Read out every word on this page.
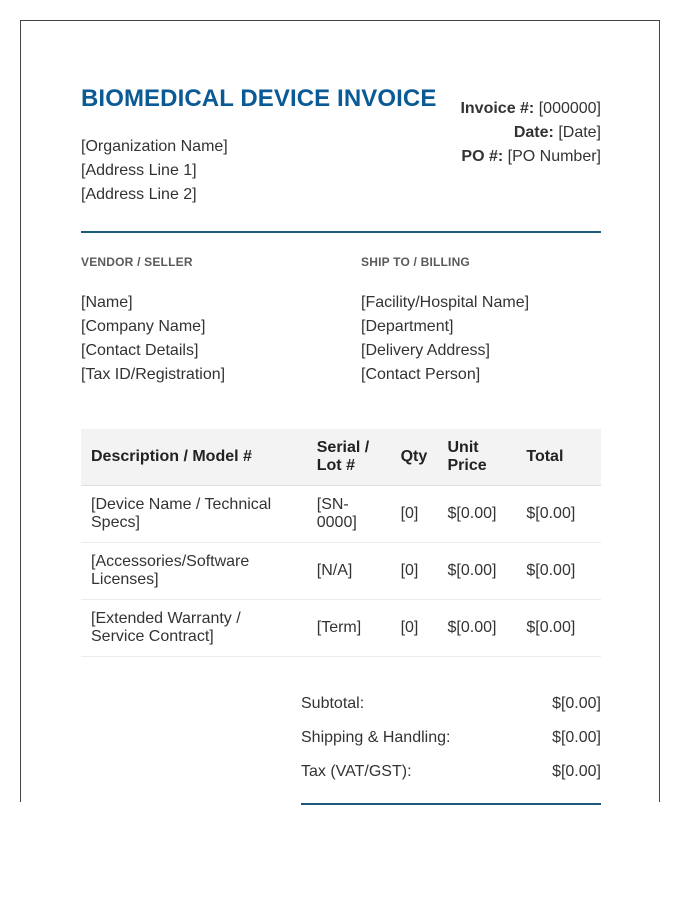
BIOMEDICAL DEVICE INVOICE
[Organization Name]
[Address Line 1]
[Address Line 2]
Invoice #: [000000]
Date: [Date]
PO #: [PO Number]
VENDOR / SELLER
[Name]
[Company Name]
[Contact Details]
[Tax ID/Registration]
SHIP TO / BILLING
[Facility/Hospital Name]
[Department]
[Delivery Address]
[Contact Person]
Description / Model #	Serial / Lot #	Qty	Unit Price	Total
[Device Name / Technical Specs]	[SN-0000]	[0]	$[0.00]	$[0.00]
[Accessories/Software Licenses]	[N/A]	[0]	$[0.00]	$[0.00]
[Extended Warranty / Service Contract]	[Term]	[0]	$[0.00]	$[0.00]
Subtotal:	$[0.00]
Shipping & Handling:	$[0.00]
Tax (VAT/GST):	$[0.00]
